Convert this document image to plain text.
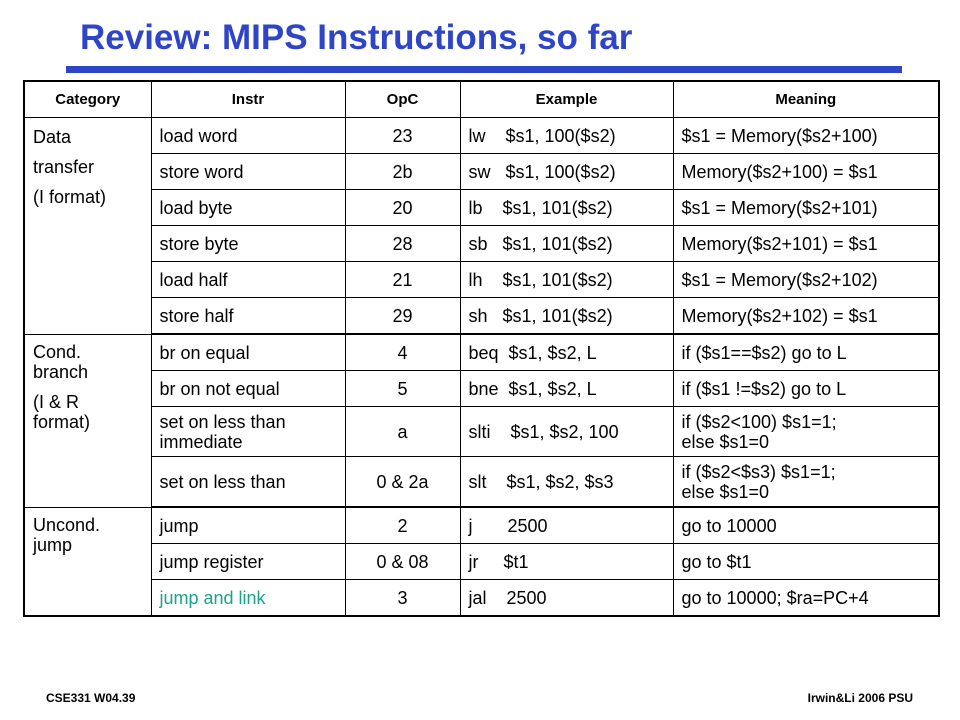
Review: MIPS Instructions, so far
Category	Instr	OpC	Example	Meaning

Data
transfer
(I format)	load word	23	lw    $s1, 100($s2)	$s1 = Memory($s2+100)
	store word	2b	sw   $s1, 100($s2)	Memory($s2+100) = $s1
	load byte	20	lb    $s1, 101($s2)	$s1 = Memory($s2+101)
	store byte	28	sb   $s1, 101($s2)	Memory($s2+101) = $s1
	load half	21	lh    $s1, 101($s2)	$s1 = Memory($s2+102)
	store half	29	sh   $s1, 101($s2)	Memory($s2+102) = $s1

Cond.
branch
(I & R
format)	br on equal	4	beq  $s1, $s2, L	if ($s1==$s2) go to L
	br on not equal	5	bne  $s1, $s2, L	if ($s1 !=$s2) go to L
	set on less than immediate	a	slti    $s1, $s2, 100	if ($s2<100) $s1=1;
else $s1=0
	set on less than	0 & 2a	slt    $s1, $s2, $s3	if ($s2<$s3) $s1=1;
else $s1=0

Uncond.
jump	jump	2	j       2500	go to 10000
	jump register	0 & 08	jr     $t1	go to $t1
	jump and link	3	jal    2500	go to 10000; $ra=PC+4
CSE331 W04.39	Irwin&Li 2006 PSU
